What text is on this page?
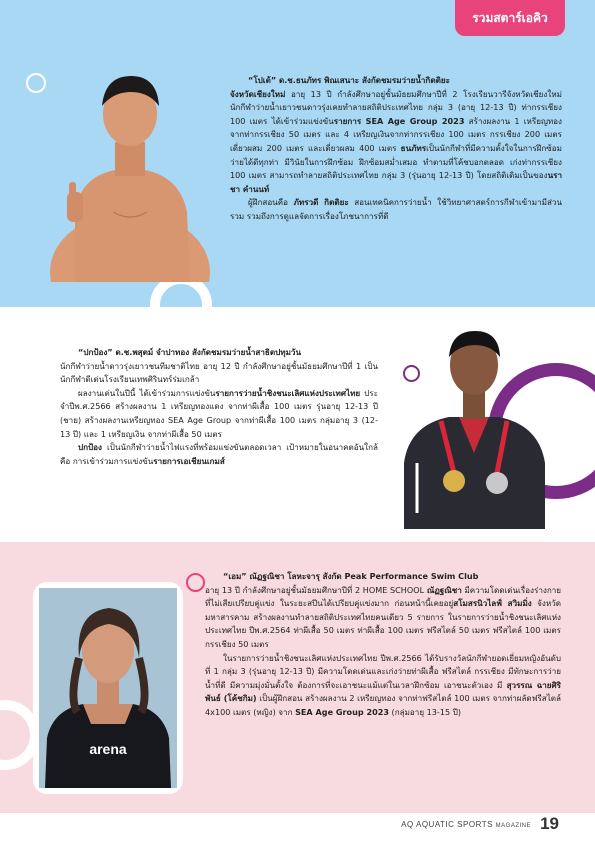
รวมสตาร์เอคิว

“โปเต้” ด.ช.ธนภัทร พิณเสนาะ สังกัดชมรมว่ายน้ำกิตติยะ

จังหวัดเชียงใหม่ อายุ 13 ปี กำลังศึกษาอยู่ชั้นมัธยมศึกษาปีที่ 2 โรงเรียนวารีจังหวัดเชียงใหม่ นักกีฬาว่ายน้ำเยาวชนดาวรุ่งเคยทำลายสถิติประเทศไทย กลุ่ม 3 (อายุ 12-13 ปี) ท่ากรรเชียง 100 เมตร ได้เข้าร่วมแข่งขันรายการ SEA Age Group 2023 สร้างผลงาน 1 เหรียญทอง จากท่ากรรเชียง 50 เมตร และ 4 เหรียญเงินจากท่ากรรเชียง 100 เมตร กรรเชียง 200 เมตร เดี่ยวผสม 200 เมตร และเดี่ยวผสม 400 เมตร ธนภัทรเป็นนักกีฬาที่มีความตั้งใจในการฝึกซ้อม ว่ายได้ดีทุกท่า มีวินัยในการฝึกซ้อม ฝึกซ้อมสม่ำเสมอ ทำตามที่โค้ชบอกตลอด เก่งท่ากรรเชียง 100 เมตร สามารถทำลายสถิติประเทศไทย กลุ่ม 3 (รุ่นอายุ 12-13 ปี) โดยสถิติเดิมเป็นของนราชา คำนนท์

ผู้ฝึกสอนคือ ภัทรวดี กิตติยะ สอนเทคนิคการว่ายน้ำ ใช้วิทยาศาสตร์การกีฬาเข้ามามีส่วนรวม รวมถึงการดูแลจัดการเรื่องโภชนาการที่ดี

“ปกป้อง” ด.ช.พสุตม์ จำปาทอง สังกัดชมรมว่ายน้ำสาธิตปทุมวัน

นักกีฬาว่ายน้ำดาวรุ่งเยาวชนทีมชาติไทย อายุ 12 ปี กำลังศึกษาอยู่ชั้นมัธยมศึกษาปีที่ 1 เป็นนักกีฬาดีเด่นโรงเรียนเทพศิรินทร์ร่มเกล้า

ผลงานเด่นในปีนี้ ได้เข้าร่วมการแข่งขันรายการว่ายน้ำชิงชนะเลิศแห่งประเทศไทย ประจำปีพ.ศ.2566 สร้างผลงาน 1 เหรียญทองแดง จากท่าผีเสื้อ 100 เมตร รุ่นอายุ 12-13 ปี (ชาย) สร้างผลงานเหรียญทอง SEA Age Group จากท่าผีเสื้อ 100 เมตร กลุ่มอายุ 3 (12-13 ปี) และ 1 เหรียญเงิน จากท่าผีเสื้อ 50 เมตร

ปกป้อง เป็นนักกีฬาว่ายน้ำไฟแรงที่พร้อมแข่งขันตลอดเวลา เป้าหมายในอนาคตอันใกล้ คือ การเข้าร่วมการแข่งขันรายการเอเชียนเกมส์

arena

“เอม” ณัฏฐณิชา โลหะจารุ สังกัด Peak Performance Swim Club

อายุ 13 ปี กำลังศึกษาอยู่ชั้นมัธยมศึกษาปีที่ 2 HOME SCHOOL ณัฏฐณิชา มีความโดดเด่นเรื่องร่างกายที่ไม่เสียเปรียบคู่แข่ง ในระยะสปีนได้เปรียบคู่แข่งมาก ก่อนหน้านี้เคยอยู่สโมสรนิวไลฟ์ สวิมมิ่ง จังหวัดมหาสารคาม สร้างผลงานทำลายสถิติประเทศไทยคนเดียว 5 รายการ ในรายการว่ายน้ำชิงชนะเลิศแห่งประเทศไทย ปีพ.ศ.2564 ท่าผีเสื้อ 50 เมตร ท่าผีเสื้อ 100 เมตร ฟรีสไตล์ 50 เมตร ฟรีสไตล์ 100 เมตร กรรเชียง 50 เมตร

ในรายการว่ายน้ำชิงชนะเลิศแห่งประเทศไทย ปีพ.ศ.2566 ได้รับรางวัลนักกีฬายอดเยี่ยมหญิงอันดับที่ 1 กลุ่ม 3 (รุ่นอายุ 12-13 ปี) มีความโดดเด่นและเก่งว่ายท่าผีเสื้อ ฟรีสไตล์ กรรเชียง มีทักษะการว่ายน้ำที่ดี มีความมุ่งมั่นตั้งใจ ต้องการที่จะเอาชนะแม้แต่ในเวลาฝึกซ้อม เอาชนะตัวเอง มี สุวรรณ ฉายศิริพันธ์ (โค้ชกิม) เป็นผู้ฝึกสอน สร้างผลงาน 2 เหรียญทอง จากท่าฟรีสไตล์ 100 เมตร จากท่าผลัดฟรีสไตล์ 4x100 เมตร (หญิง) จาก SEA Age Group 2023 (กลุ่มอายุ 13-15 ปี)

AQ AQUATIC SPORTS MAGAZINE 19
